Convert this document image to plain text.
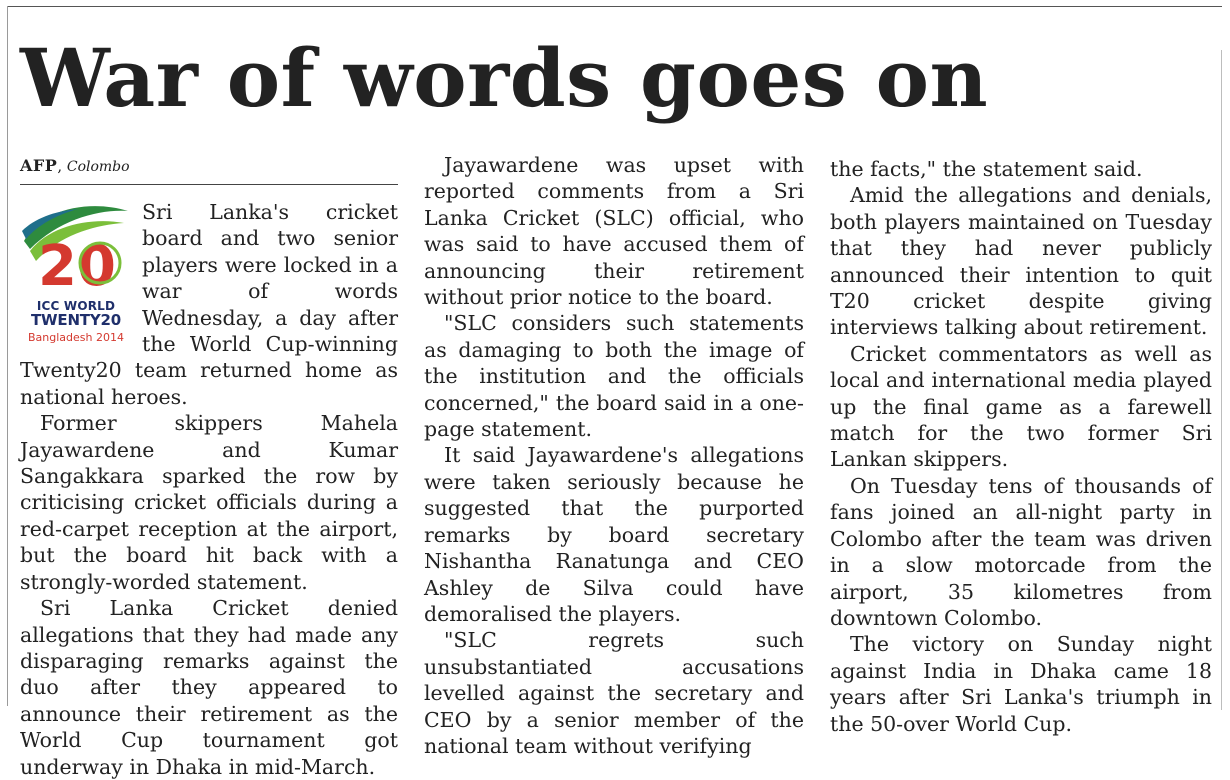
War of words goes on
AFP, Colombo
20
ICC WORLD
TWENTY20
Bangladesh 2014

Sri Lanka's cricket board and two senior players were locked in a war of words Wednesday, a day after the World Cup-winning Twenty20 team returned home as national heroes.

Former skippers Mahela Jayawardene and Kumar Sangakkara sparked the row by criticising cricket officials during a red-carpet reception at the airport, but the board hit back with a strongly-worded statement.

Sri Lanka Cricket denied allegations that they had made any disparaging remarks against the duo after they appeared to announce their retirement as the World Cup tournament got underway in Dhaka in mid-March.

Jayawardene was upset with reported comments from a Sri Lanka Cricket (SLC) official, who was said to have accused them of announcing their retirement without prior notice to the board.

"SLC considers such statements as damaging to both the image of the institution and the officials concerned," the board said in a one-page statement.

It said Jayawardene's allegations were taken seriously because he suggested that the purported remarks by board secretary Nishantha Ranatunga and CEO Ashley de Silva could have demoralised the players.

"SLC regrets such unsubstantiated accusations levelled against the secretary and CEO by a senior member of the national team without verifying

the facts," the statement said.

Amid the allegations and denials, both players maintained on Tuesday that they had never publicly announced their intention to quit T20 cricket despite giving interviews talking about retirement.

Cricket commentators as well as local and international media played up the final game as a farewell match for the two former Sri Lankan skippers.

On Tuesday tens of thousands of fans joined an all-night party in Colombo after the team was driven in a slow motorcade from the airport, 35 kilometres from downtown Colombo.

The victory on Sunday night against India in Dhaka came 18 years after Sri Lanka's triumph in the 50-over World Cup.
